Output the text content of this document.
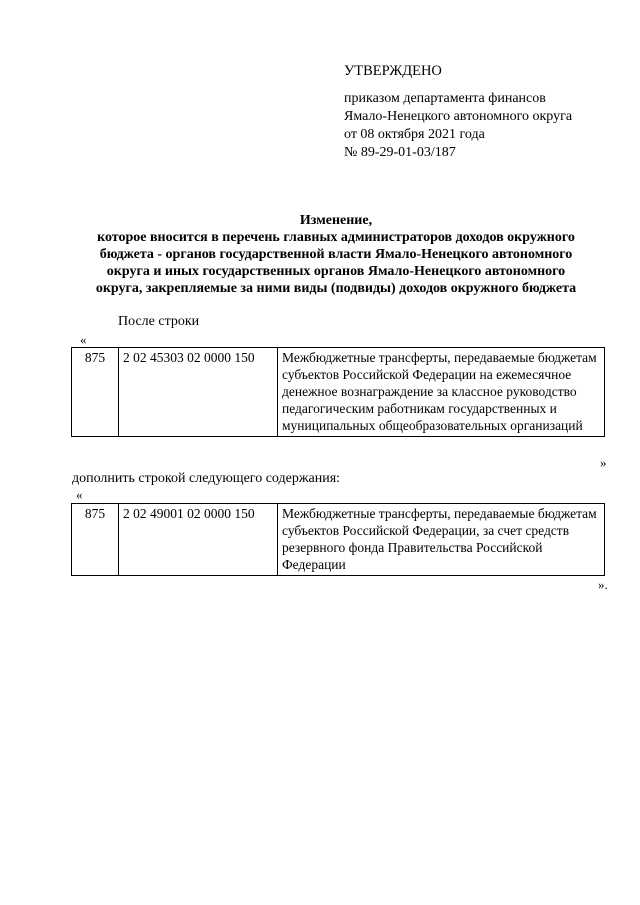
УТВЕРЖДЕНО
приказом департамента финансов
Ямало-Ненецкого автономного округа
от 08 октября 2021 года
№ 89-29-01-03/187
Изменение,
которое вносится в перечень главных администраторов доходов окружного
бюджета - органов государственной власти Ямало-Ненецкого автономного
округа и иных государственных органов Ямало-Ненецкого автономного
округа, закрепляемые за ними виды (подвиды) доходов окружного бюджета
После строки
«
875	2 02 45303 02 0000 150	Межбюджетные трансферты, передаваемые бюджетам субъектов Российской Федерации на ежемесячное денежное вознаграждение за классное руководство педагогическим работникам государственных и муниципальных общеобразовательных организаций
»
дополнить строкой следующего содержания:
«
875	2 02 49001 02 0000 150	Межбюджетные трансферты, передаваемые бюджетам субъектов Российской Федерации, за счет средств резервного фонда Правительства Российской Федерации
».
